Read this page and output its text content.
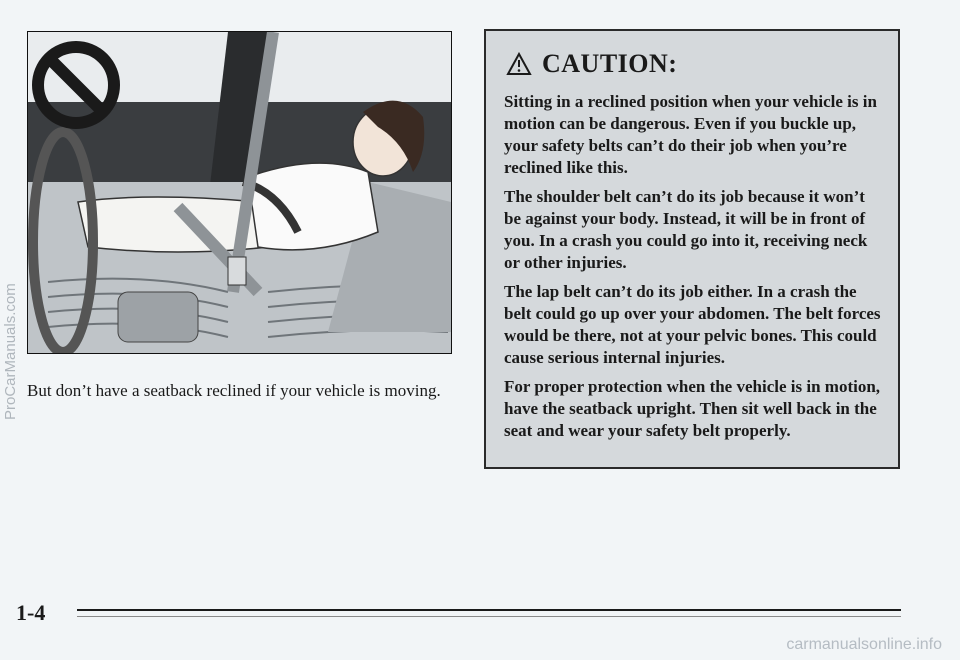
But don’t have a seatback reclined if your vehicle is moving.

CAUTION:

Sitting in a reclined position when your vehicle is in motion can be dangerous. Even if you buckle up, your safety belts can’t do their job when you’re reclined like this.

The shoulder belt can’t do its job because it won’t be against your body. Instead, it will be in front of you. In a crash you could go into it, receiving neck or other injuries.

The lap belt can’t do its job either. In a crash the belt could go up over your abdomen. The belt forces would be there, not at your pelvic bones. This could cause serious internal injuries.

For proper protection when the vehicle is in motion, have the seatback upright. Then sit well back in the seat and wear your safety belt properly.

1-4
ProCarManuals.com
carmanualsonline.info
